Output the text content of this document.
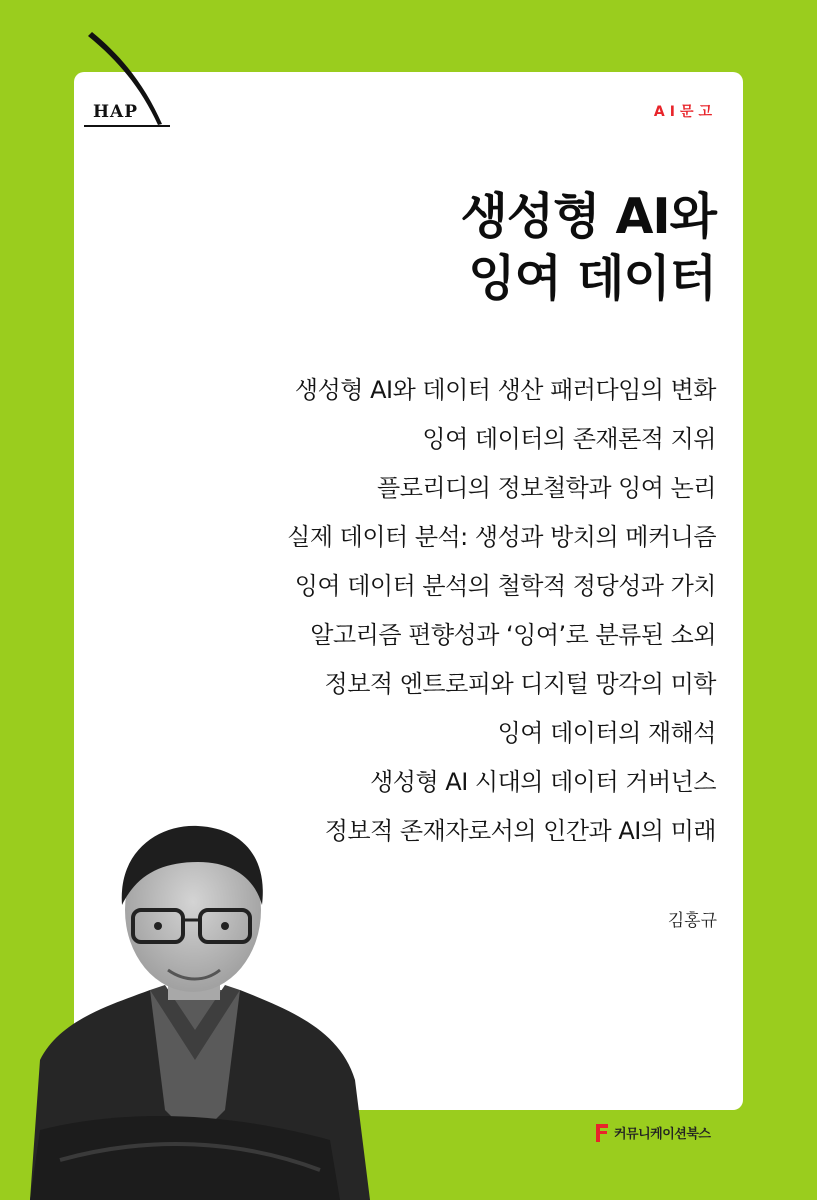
HAP	AI문고
생성형 AI와
잉여 데이터
생성형 AI와 데이터 생산 패러다임의 변화
잉여 데이터의 존재론적 지위
플로리디의 정보철학과 잉여 논리
실제 데이터 분석: 생성과 방치의 메커니즘
잉여 데이터 분석의 철학적 정당성과 가치
알고리즘 편향성과 ‘잉여’로 분류된 소외
정보적 엔트로피와 디지털 망각의 미학
잉여 데이터의 재해석
생성형 AI 시대의 데이터 거버넌스
정보적 존재자로서의 인간과 AI의 미래
김홍규
커뮤니케이션북스
